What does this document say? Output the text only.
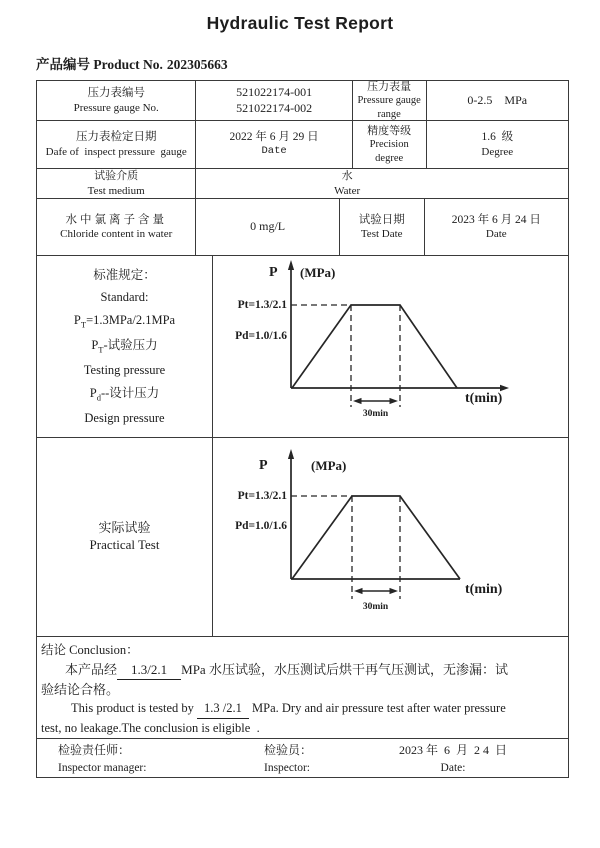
Hydraulic Test Report
产品编号 Product No. 202305663
压力表编号
Pressure gauge No.
521022174-001
521022174-002
压力表量
Pressure gauge
range
0-2.5    MPa
压力表检定日期
Dafe of  inspect pressure  gauge
2022 年 6 月 29 日
Date
精度等级
Precision
degree
1.6  级
Degree
试验介质
Test medium
水
Water
水中氯离子含量
Chloride content in water
0 mg/L	试验日期
Test Date
2023 年 6 月 24 日
Date
标准规定：
Standard:
$P_T=1.3MPa/2.1MPa$
$P_T-$试验压力
Testing pressure
$P_d--$设计压力
Design pressure
P (MPa)
Pt=1.3/2.1
Pd=1.0/1.6
t(min)
30min
实际试验
Practical Test
P	(MPa)
Pt=1.3/2.1
Pd=1.0/1.6
t(min)
30min
结论 Conclusion：
本产品经 1.3/2.1 MPa 水压试验，水压测试后烘干再气压测试，无渗漏：试
验结论合格。
This product is tested by 1.3 /2.1 MPa. Dry and air pressure test after water pressure
test, no leakage.The conclusion is eligible  .
检验责任师：
Inspector manager:
检验员：
Inspector:
2023 年  6  月  2 4  日
Date:
